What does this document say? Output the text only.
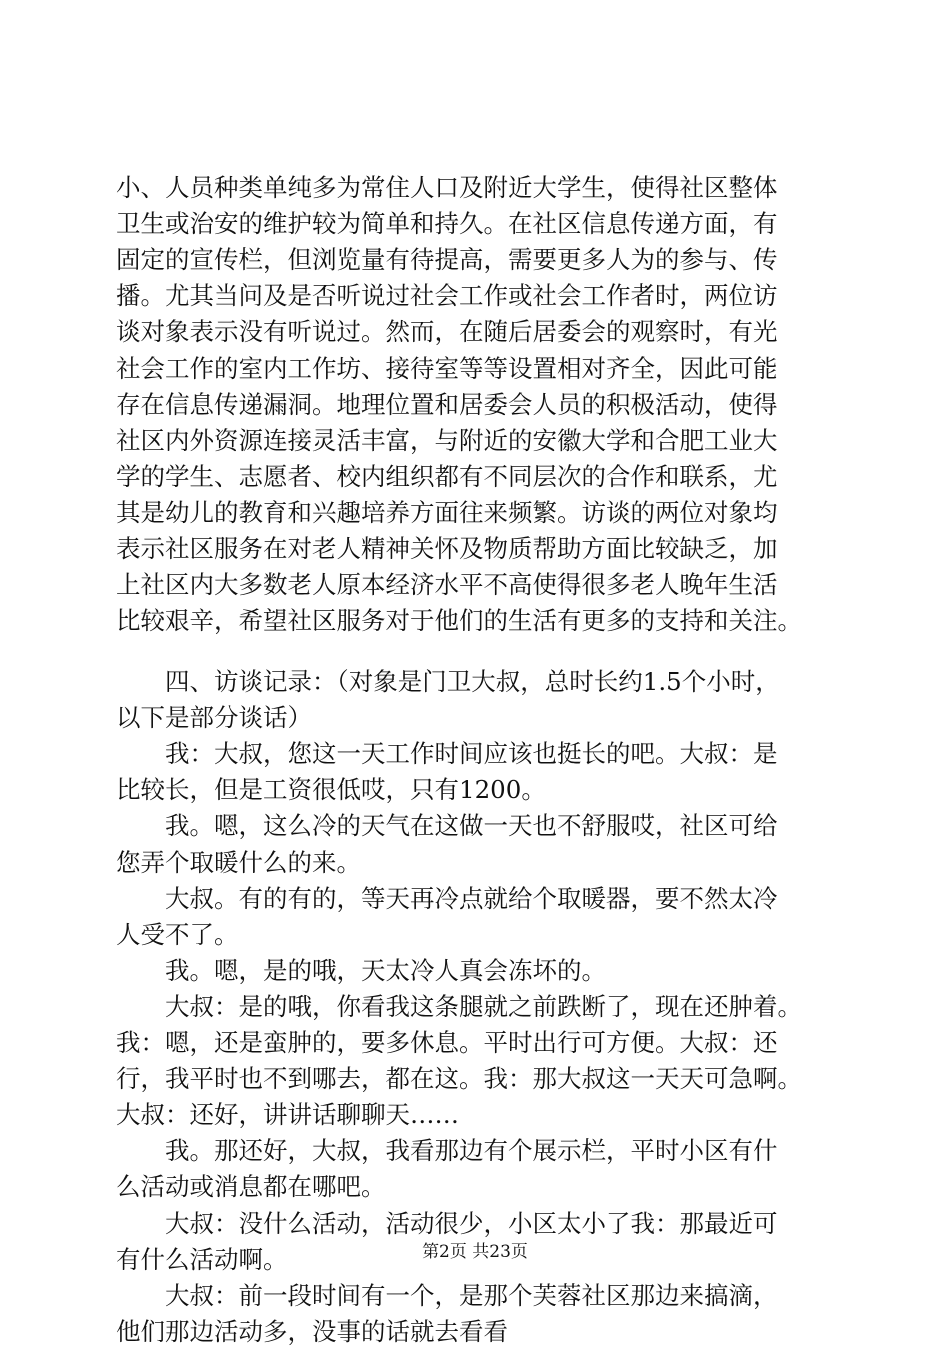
小、人员种类单纯多为常住人口及附近大学生，使得社区整体
卫生或治安的维护较为简单和持久。在社区信息传递方面，有
固定的宣传栏，但浏览量有待提高，需要更多人为的参与、传
播。尤其当问及是否听说过社会工作或社会工作者时，两位访
谈对象表示没有听说过。然而，在随后居委会的观察时，有光
社会工作的室内工作坊、接待室等等设置相对齐全，因此可能
存在信息传递漏洞。地理位置和居委会人员的积极活动，使得
社区内外资源连接灵活丰富，与附近的安徽大学和合肥工业大
学的学生、志愿者、校内组织都有不同层次的合作和联系，尤
其是幼儿的教育和兴趣培养方面往来频繁。访谈的两位对象均
表示社区服务在对老人精神关怀及物质帮助方面比较缺乏，加
上社区内大多数老人原本经济水平不高使得很多老人晚年生活
比较艰辛，希望社区服务对于他们的生活有更多的支持和关注。
　　四、访谈记录：（对象是门卫大叔，总时长约1.5个小时，
以下是部分谈话）
　　我：大叔，您这一天工作时间应该也挺长的吧。大叔：是
比较长，但是工资很低哎，只有1200。
　　我。嗯，这么冷的天气在这做一天也不舒服哎，社区可给
您弄个取暖什么的来。
　　大叔。有的有的，等天再冷点就给个取暖器，要不然太冷
人受不了。
　　我。嗯，是的哦，天太冷人真会冻坏的。
　　大叔：是的哦，你看我这条腿就之前跌断了，现在还肿着。
我：嗯，还是蛮肿的，要多休息。平时出行可方便。大叔：还
行，我平时也不到哪去，都在这。我：那大叔这一天天可急啊。
大叔：还好，讲讲话聊聊天……
　　我。那还好，大叔，我看那边有个展示栏，平时小区有什
么活动或消息都在哪吧。
　　大叔：没什么活动，活动很少，小区太小了我：那最近可
有什么活动啊。
　　大叔：前一段时间有一个，是那个芙蓉社区那边来搞滴，
他们那边活动多，没事的话就去看看
第2页 共23页
